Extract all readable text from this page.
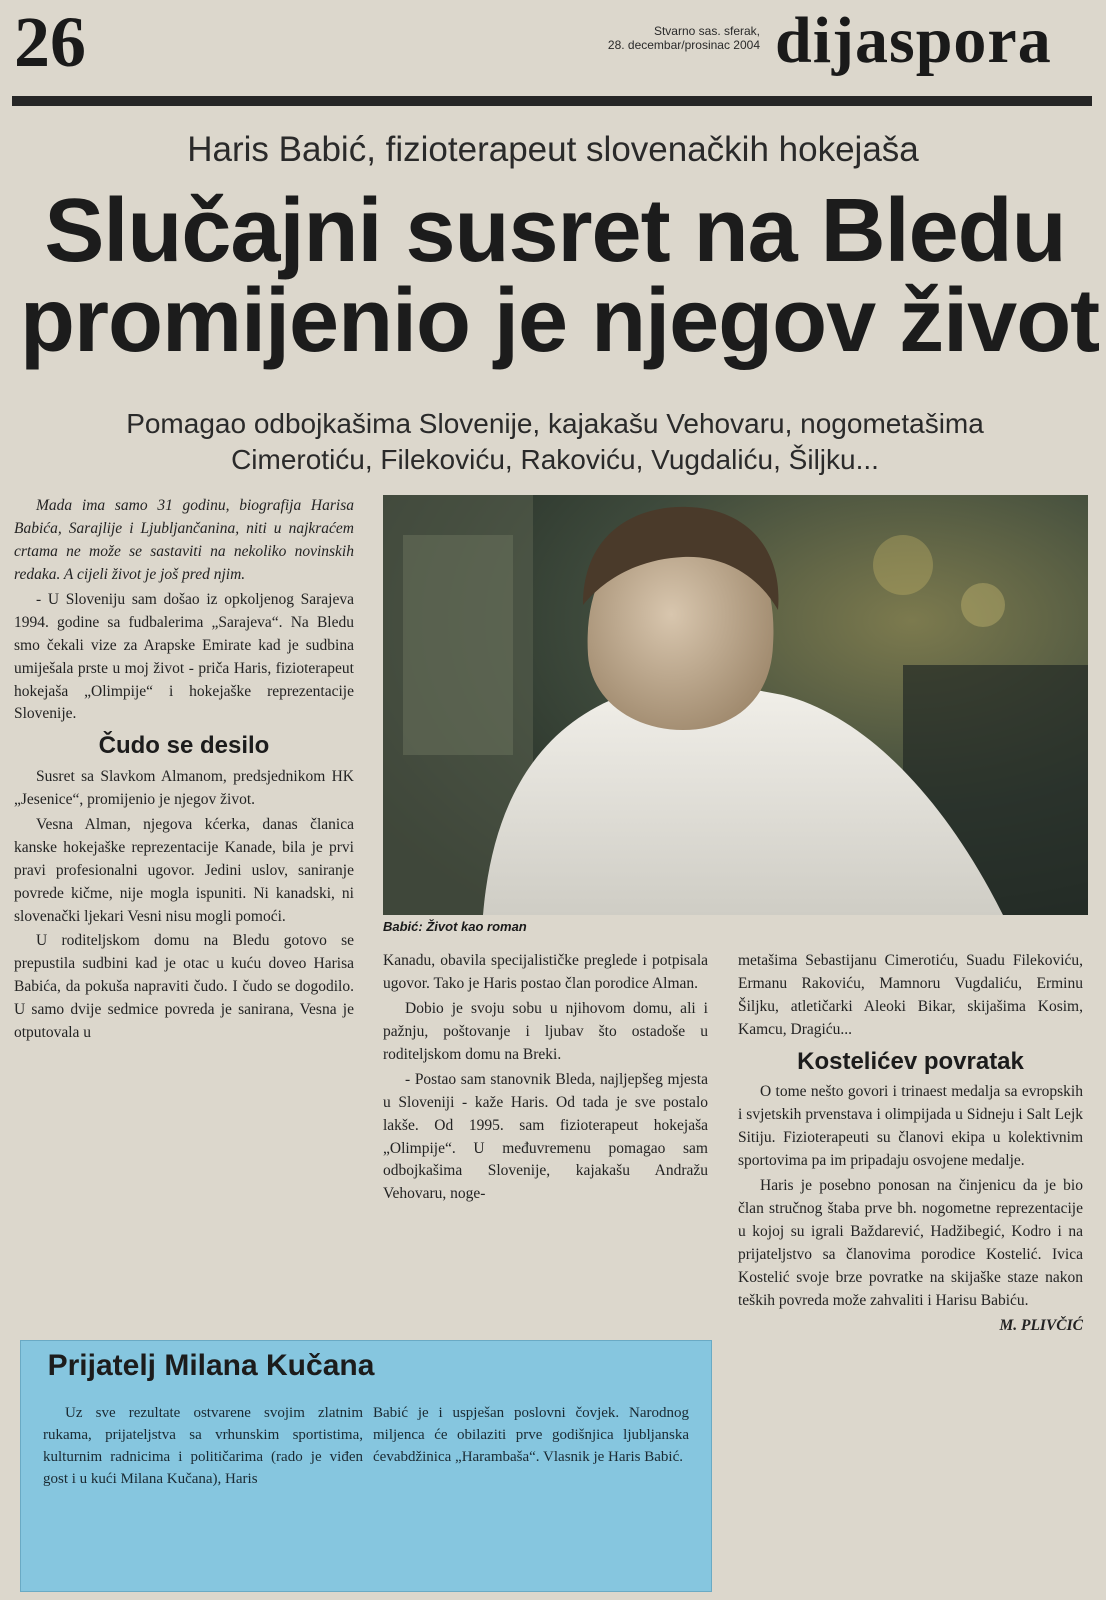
26	Stvarno sas. sferak,
28. decembar/prosinac 2004 dijaspora
Haris Babić, fizioterapeut slovenačkih hokejaša
Slučajni susret na Bledu
promijenio je njegov život
Pomagao odbojkašima Slovenije, kajakašu Vehovaru, nogometašima Cimerotiću, Filekoviću, Rakoviću, Vugdaliću, Šiljku...

Mada ima samo 31 godinu, biografija Harisa Babića, Sarajlije i Ljubljančanina, niti u najkraćem crtama ne može se sastaviti na nekoliko novinskih redaka. A cijeli život je još pred njim.

- U Sloveniju sam došao iz opkoljenog Sarajeva 1994. godine sa fudbalerima „Sarajeva“. Na Bledu smo čekali vize za Arapske Emirate kad je sudbina umiješala prste u moj život - priča Haris, fizioterapeut hokejaša „Olimpije“ i hokejaške reprezentacije Slovenije.

Čudo se desilo

Susret sa Slavkom Almanom, predsjednikom HK „Jesenice“, promijenio je njegov život.

Vesna Alman, njegova kćerka, danas članica kanske hokejaške reprezentacije Kanade, bila je prvi pravi profesionalni ugovor. Jedini uslov, saniranje povrede kičme, nije mogla ispuniti. Ni kanadski, ni slovenački ljekari Vesni nisu mogli pomoći.

U roditeljskom domu na Bledu gotovo se prepustila sudbini kad je otac u kuću doveo Harisa Babića, da pokuša napraviti čudo. I čudo se dogodilo. U samo dvije sedmice povreda je sanirana, Vesna je otputovala u

Babić: Život kao roman

Kanadu, obavila specijalističke preglede i potpisala ugovor. Tako je Haris postao član porodice Alman.

Dobio je svoju sobu u njihovom domu, ali i pažnju, poštovanje i ljubav što ostadoše u roditeljskom domu na Breki.

- Postao sam stanovnik Bleda, najljepšeg mjesta u Sloveniji - kaže Haris. Od tada je sve postalo lakše. Od 1995. sam fizioterapeut hokejaša „Olimpije“. U međuvremenu pomagao sam odbojkašima Slovenije, kajakašu Andražu Vehovaru, noge-

metašima Sebastijanu Cimerotiću, Suadu Filekoviću, Ermanu Rakoviću, Mamnoru Vugdaliću, Erminu Šiljku, atletičarki Aleoki Bikar, skijašima Kosim, Kamcu, Dragiću...

Kostelićev povratak

O tome nešto govori i trinaest medalja sa evropskih i svjetskih prvenstava i olimpijada u Sidneju i Salt Lejk Sitiju. Fizioterapeuti su članovi ekipa u kolektivnim sportovima pa im pripadaju osvojene medalje.

Haris je posebno ponosan na činjenicu da je bio član stručnog štaba prve bh. nogometne reprezentacije u kojoj su igrali Baždarević, Hadžibegić, Kodro i na prijateljstvo sa članovima porodice Kostelić. Ivica Kostelić svoje brze povratke na skijaške staze nakon teških povreda može zahvaliti i Harisu Babiću.

M. PLIVČIĆ
Prijatelj Milana Kučana

Uz sve rezultate ostvarene svojim zlatnim rukama, prijateljstva sa vrhunskim sportistima, kulturnim radnicima i političarima (rado je viđen gost i u kući Milana Kučana), Haris

Babić je i uspješan poslovni čovjek. Narodnog miljenca će obilaziti prve godišnjica ljubljanska ćevabdžinica „Harambaša“. Vlasnik je Haris Babić.
